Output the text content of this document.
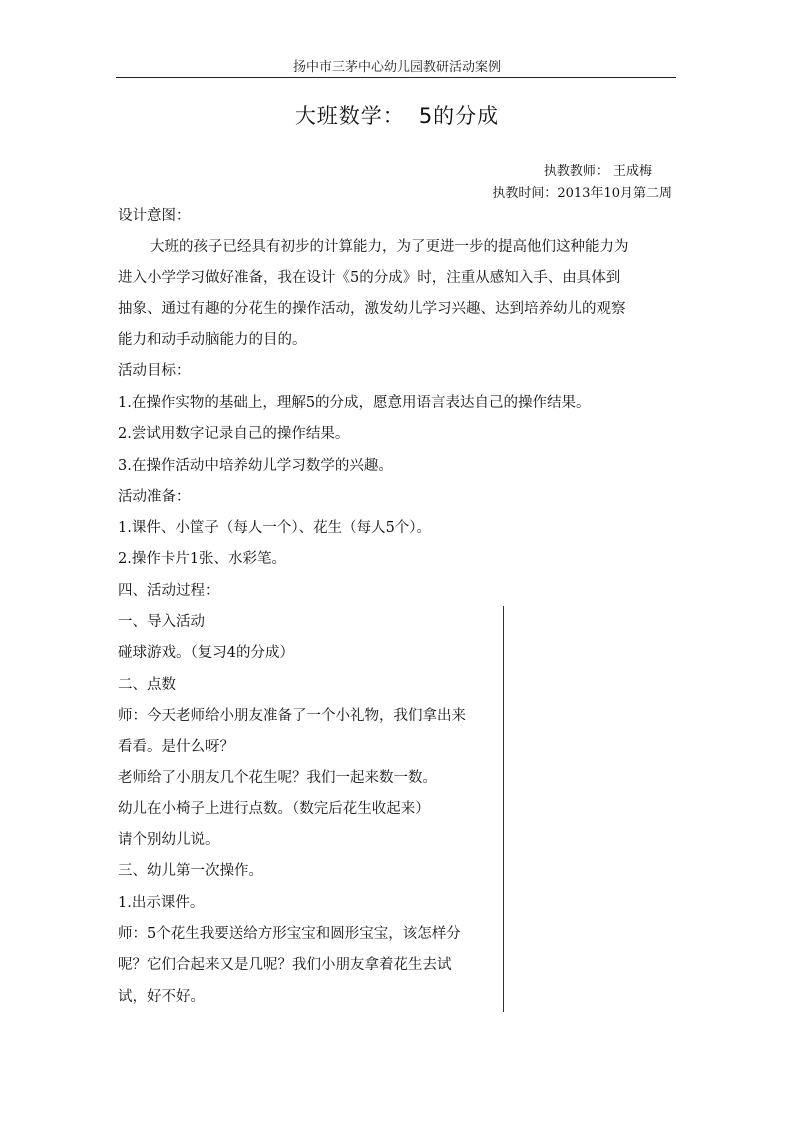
扬中市三茅中心幼儿园教研活动案例
大班数学： 5的分成
执教教师： 王成梅
执教时间：2013年10月第二周
设计意图：
大班的孩子已经具有初步的计算能力，为了更进一步的提高他们这种能力为
进入小学学习做好准备，我在设计《5的分成》时，注重从感知入手、由具体到
抽象、通过有趣的分花生的操作活动，激发幼儿学习兴趣、达到培养幼儿的观察
能力和动手动脑能力的目的。
活动目标：
1.在操作实物的基础上，理解5的分成，愿意用语言表达自己的操作结果。
2.尝试用数字记录自己的操作结果。
3.在操作活动中培养幼儿学习数学的兴趣。
活动准备：
1.课件、小筐子（每人一个）、花生（每人5个）。
2.操作卡片1张、水彩笔。
四、活动过程：
一、导入活动
碰球游戏。（复习4的分成）
二、点数
师：今天老师给小朋友准备了一个小礼物，我们拿出来
看看。是什么呀？
老师给了小朋友几个花生呢？我们一起来数一数。
幼儿在小椅子上进行点数。（数完后花生收起来）
请个别幼儿说。
三、幼儿第一次操作。
1.出示课件。
师：5个花生我要送给方形宝宝和圆形宝宝，该怎样分
呢？它们合起来又是几呢？我们小朋友拿着花生去试
试，好不好。
